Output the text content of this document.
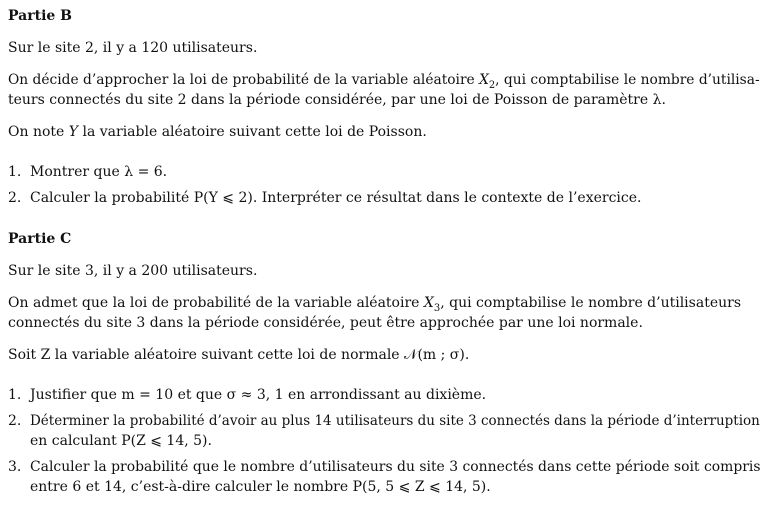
Partie B
Sur le site 2, il y a 120 utilisateurs.
On décide d’approcher la loi de probabilité de la variable aléatoire $X_2$, qui comptabilise le nombre d’utilisa-
teurs connectés du site 2 dans la période considérée, par une loi de Poisson de paramètre λ.
On note Y la variable aléatoire suivant cette loi de Poisson.
1. Montrer que λ = 6.
2. Calculer la probabilité P(Y ⩽ 2). Interpréter ce résultat dans le contexte de l’exercice.
Partie C
Sur le site 3, il y a 200 utilisateurs.
On admet que la loi de probabilité de la variable aléatoire $X_3$, qui comptabilise le nombre d’utilisateurs
connectés du site 3 dans la période considérée, peut être approchée par une loi normale.
Soit Z la variable aléatoire suivant cette loi de normale 𝒩(m ; σ).
1. Justifier que m = 10 et que σ ≈ 3, 1 en arrondissant au dixième.
2. Déterminer la probabilité d’avoir au plus 14 utilisateurs du site 3 connectés dans la période d’interruption
en calculant P(Z ⩽ 14, 5).
3. Calculer la probabilité que le nombre d’utilisateurs du site 3 connectés dans cette période soit compris
entre 6 et 14, c’est-à-dire calculer le nombre P(5, 5 ⩽ Z ⩽ 14, 5).
